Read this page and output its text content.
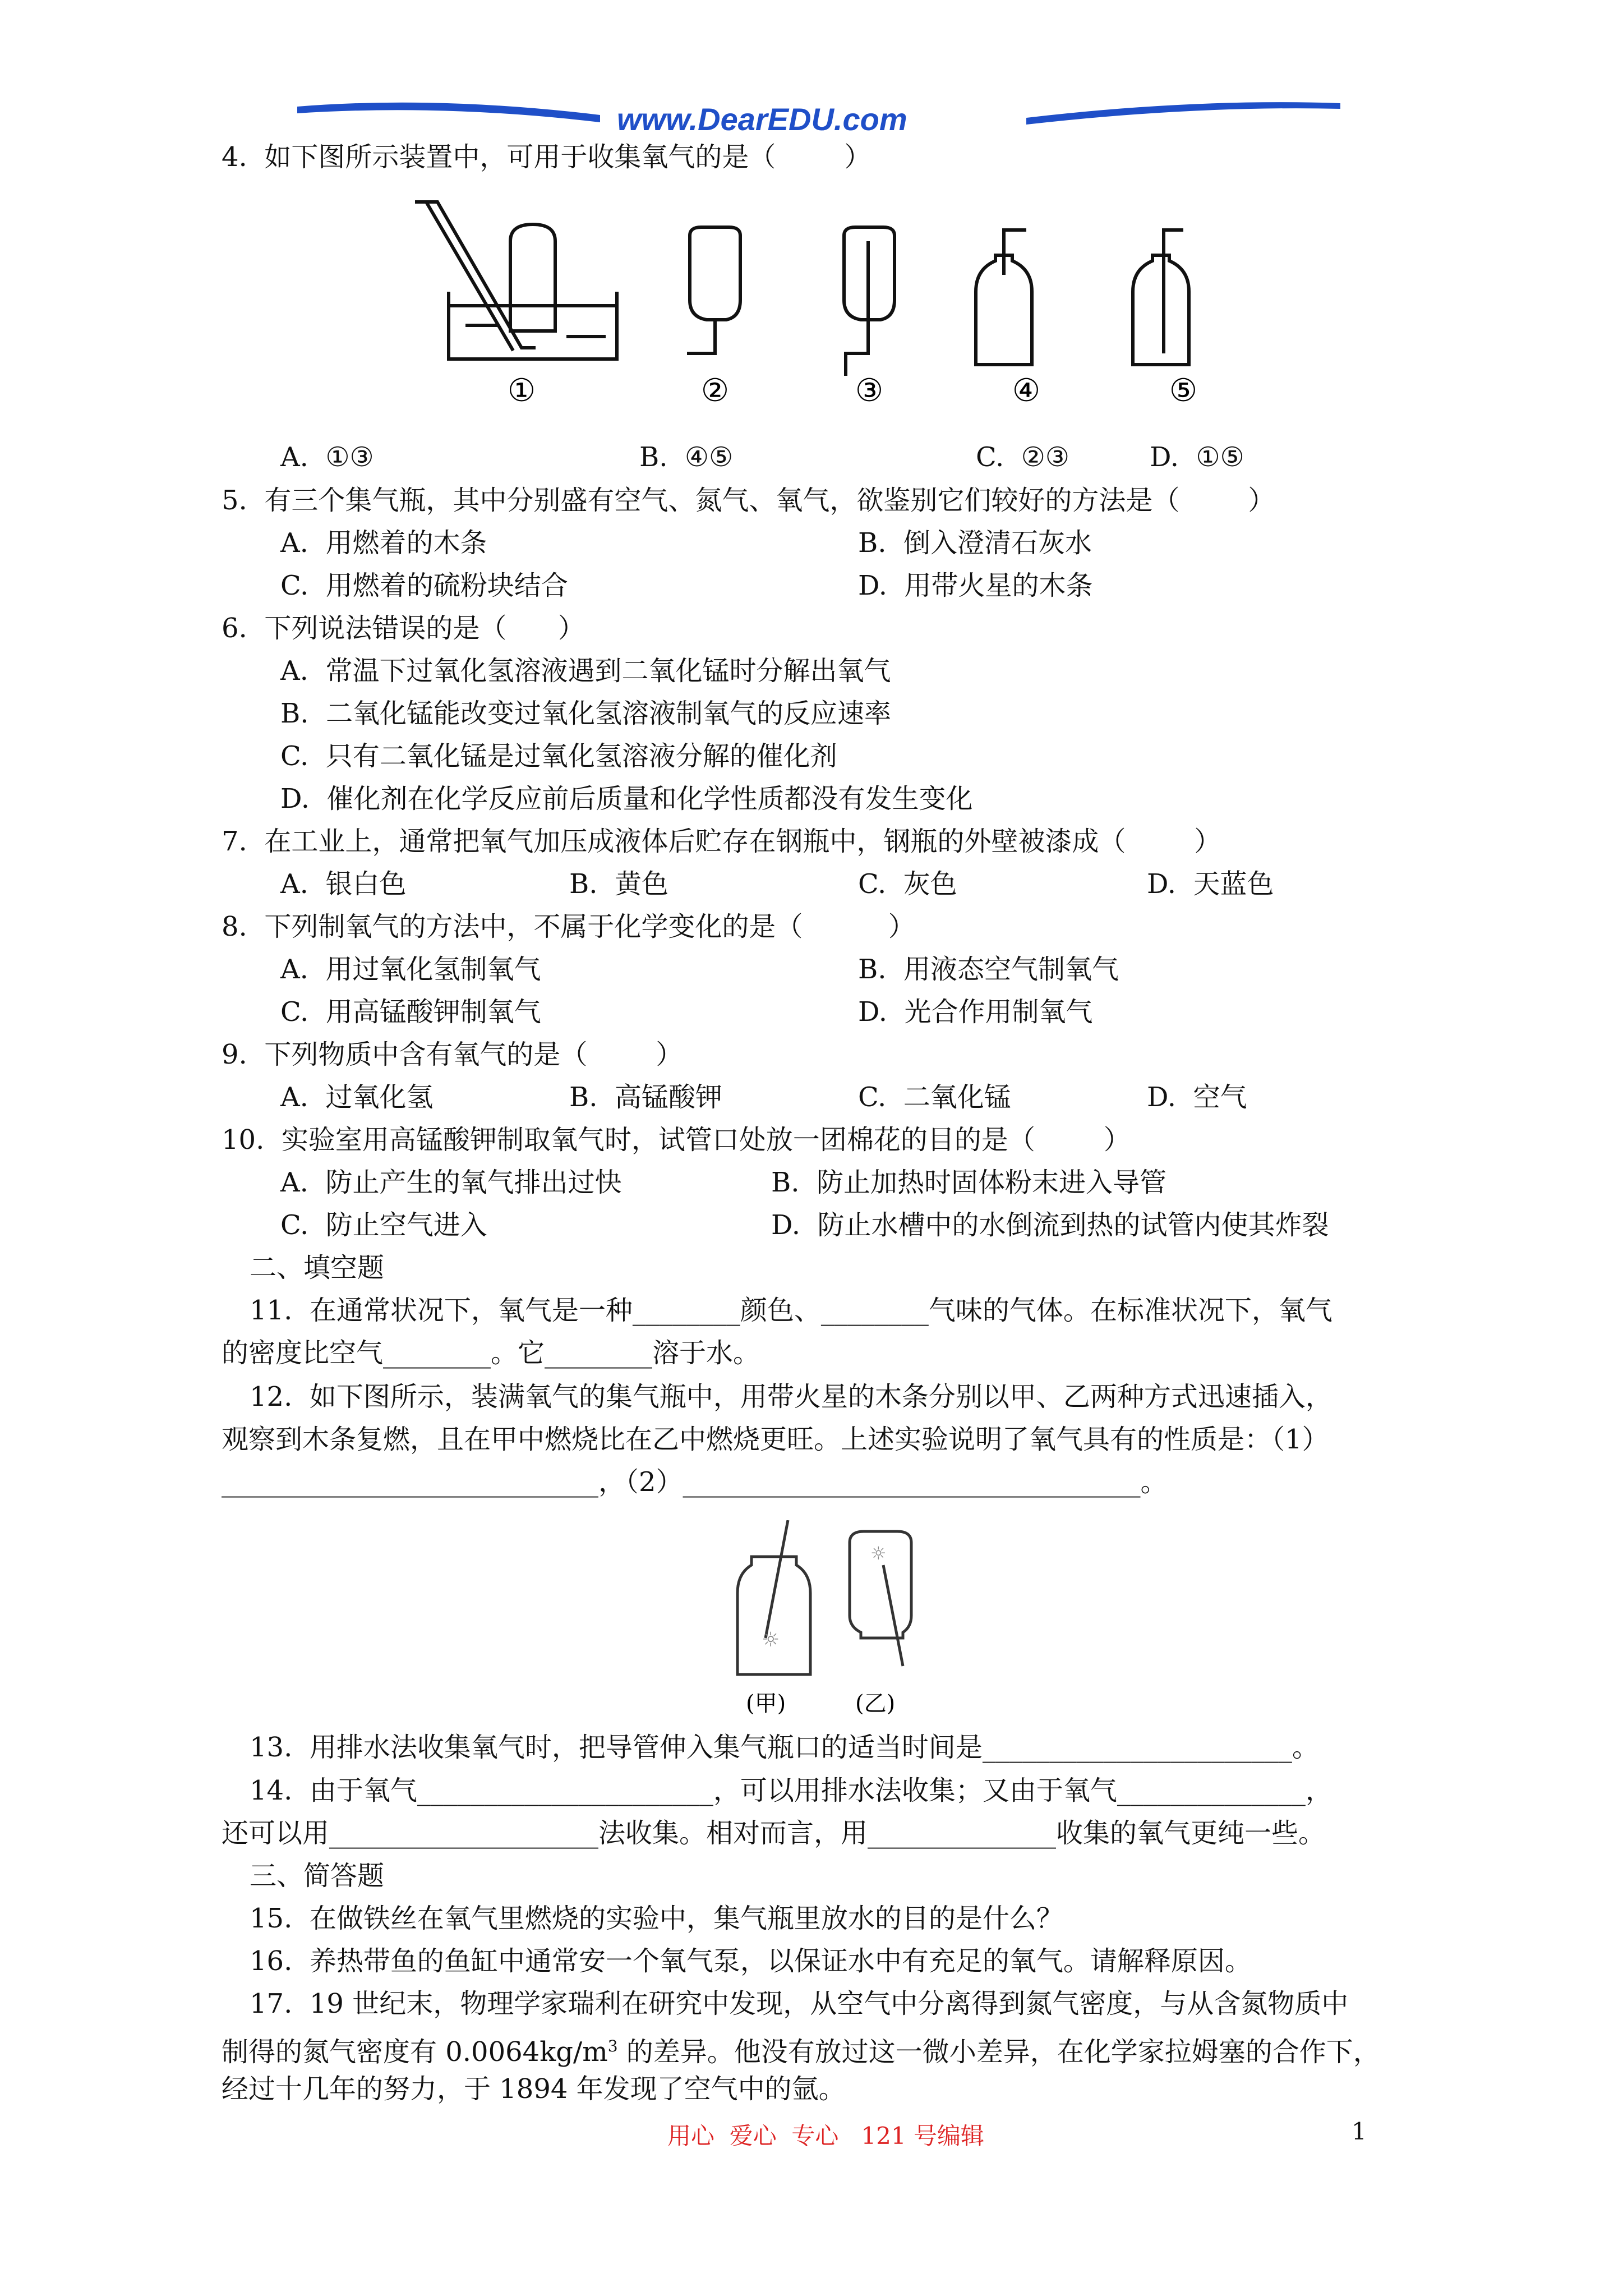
www.DearEDU.com
4.  如下图所示装置中，可用于收集氧气的是（        ）
①	②	③	④	⑤
A.  ①③	B.  ④⑤	C.  ②③	D.  ①⑤
5.  有三个集气瓶，其中分别盛有空气、氮气、氧气，欲鉴别它们较好的方法是（        ）
A.  用燃着的木条	B.  倒入澄清石灰水
C.  用燃着的硫粉块结合	D.  用带火星的木条
6.  下列说法错误的是（      ）
A.  常温下过氧化氢溶液遇到二氧化锰时分解出氧气
B.  二氧化锰能改变过氧化氢溶液制氧气的反应速率
C.  只有二氧化锰是过氧化氢溶液分解的催化剂
D.  催化剂在化学反应前后质量和化学性质都没有发生变化
7.  在工业上，通常把氧气加压成液体后贮存在钢瓶中，钢瓶的外壁被漆成（        ）
A.  银白色	B.  黄色	C.  灰色	D.  天蓝色
8.  下列制氧气的方法中，不属于化学变化的是（          ）
A.  用过氧化氢制氧气	B.  用液态空气制氧气
C.  用高锰酸钾制氧气	D.  光合作用制氧气
9.  下列物质中含有氧气的是（        ）
A.  过氧化氢	B.  高锰酸钾	C.  二氧化锰	D.  空气
10.  实验室用高锰酸钾制取氧气时，试管口处放一团棉花的目的是（        ）
A.  防止产生的氧气排出过快	B.  防止加热时固体粉末进入导管
C.  防止空气进入	D.  防止水槽中的水倒流到热的试管内使其炸裂
二、填空题
11.  在通常状况下，氧气是一种________颜色、________气味的气体。在标准状况下，氧气
的密度比空气________。它________溶于水。
12.  如下图所示，装满氧气的集气瓶中，用带火星的木条分别以甲、乙两种方式迅速插入，
观察到木条复燃，且在甲中燃烧比在乙中燃烧更旺。上述实验说明了氧气具有的性质是：（1）
____________________________，（2）__________________________________。
☼
☼
(甲)	(乙)
13.  用排水法收集氧气时，把导管伸入集气瓶口的适当时间是_______________________。
14.  由于氧气______________________，可以用排水法收集；又由于氧气______________，
还可以用____________________法收集。相对而言，用______________收集的氧气更纯一些。
三、简答题
15.  在做铁丝在氧气里燃烧的实验中，集气瓶里放水的目的是什么？
16.  养热带鱼的鱼缸中通常安一个氧气泵，以保证水中有充足的氧气。请解释原因。
17.  19 世纪末，物理学家瑞利在研究中发现，从空气中分离得到氮气密度，与从含氮物质中
制得的氮气密度有 $0.0064kg/m^3$ 的差异。他没有放过这一微小差异，在化学家拉姆塞的合作下，
经过十几年的努力，于 1894 年发现了空气中的氩。
用心  爱心  专心   121 号编辑	1
